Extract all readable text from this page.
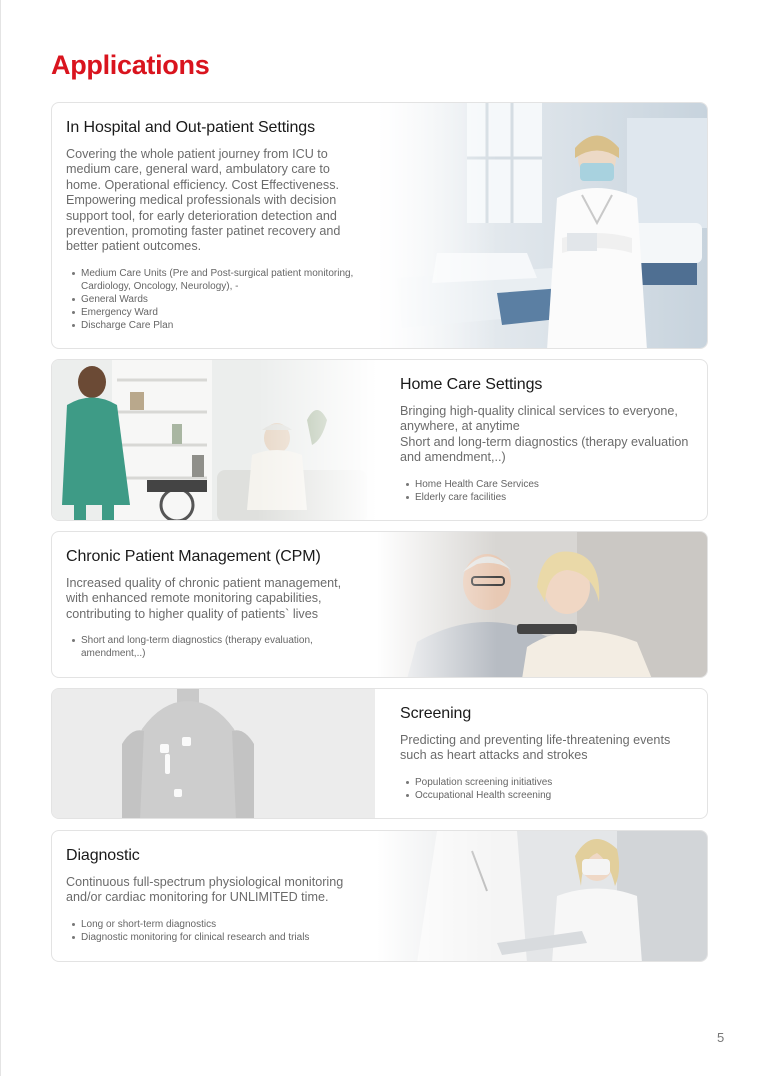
Applications
In Hospital and Out-patient Settings

Covering the whole patient journey from ICU to medium care, general ward, ambulatory care to home. Operational efficiency. Cost Effectiveness. Empowering medical professionals with decision support tool, for early deterioration detection and prevention, promoting faster patinet recovery and better patient outcomes.

Medium Care Units (Pre and Post-surgical patient monitoring, Cardiology, Oncology, Neurology), -
General Wards
Emergency Ward
Discharge Care Plan
Home Care Settings

Bringing high-quality clinical services to everyone, anywhere, at anytime

Short and long-term diagnostics (therapy evaluation and amendment,..)

Home Health Care Services
Elderly care facilities
Chronic Patient Management (CPM)

Increased quality of chronic patient management, with enhanced remote monitoring capabilities, contributing to higher quality of patients` lives

Short and long-term diagnostics (therapy evaluation, amendment,..)
Screening

Predicting and preventing life-threatening events such as heart attacks and strokes

Population screening initiatives
Occupational Health screening
Diagnostic

Continuous full-spectrum physiological monitoring and/or cardiac monitoring for UNLIMITED time.

Long or short-term diagnostics
Diagnostic monitoring for clinical research and trials
5
